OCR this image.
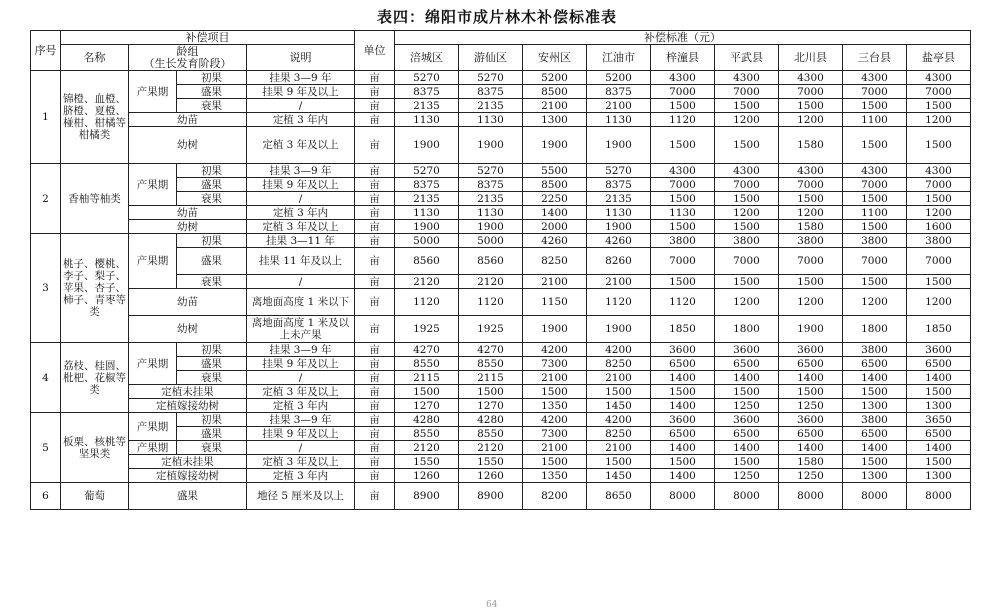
表四：绵阳市成片林木补偿标准表
序号	补偿项目				单位	补偿标准（元）								
	名称	龄组
（生长发育阶段）		说明		涪城区	游仙区	安州区	江油市	梓潼县	平武县	北川县	三台县	盐亭县
1	锦橙、血橙、脐橙、夏橙、椪柑、柑橘等柑橘类	产果期	初果	挂果 3—9 年	亩	5270	5270	5200	5200	4300	4300	4300	4300	4300
			盛果	挂果 9 年及以上	亩	8375	8375	8500	8375	7000	7000	7000	7000	7000
			衰果	/	亩	2135	2135	2100	2100	1500	1500	1500	1500	1500
		幼苗		定植 3 年内	亩	1130	1130	1300	1130	1120	1200	1200	1100	1200
		幼树		定植 3 年及以上	亩	1900	1900	1900	1900	1500	1500	1580	1500	1500
2	香柚等柚类	产果期	初果	挂果 3—9 年	亩	5270	5270	5500	5270	4300	4300	4300	4300	4300
			盛果	挂果 9 年及以上	亩	8375	8375	8500	8375	7000	7000	7000	7000	7000
			衰果	/	亩	2135	2135	2250	2135	1500	1500	1500	1500	1500
		幼苗		定植 3 年内	亩	1130	1130	1400	1130	1130	1200	1200	1100	1200
		幼树		定植 3 年及以上	亩	1900	1900	2000	1900	1500	1500	1580	1500	1600
3	桃子、樱桃、李子、梨子、苹果、杏子、柿子、青枣等类	产果期	初果	挂果 3—11 年	亩	5000	5000	4260	4260	3800	3800	3800	3800	3800
			盛果	挂果 11 年及以上	亩	8560	8560	8250	8260	7000	7000	7000	7000	7000
			衰果	/	亩	2120	2120	2100	2100	1500	1500	1500	1500	1500
		幼苗		离地面高度 1 米以下	亩	1120	1120	1150	1120	1120	1200	1200	1200	1200
		幼树		离地面高度 1 米及以上未产果	亩	1925	1925	1900	1900	1850	1800	1900	1800	1850
4	荔枝、桂圆、枇杷、花椒等类	产果期	初果	挂果 3—9 年	亩	4270	4270	4200	4200	3600	3600	3600	3800	3600
			盛果	挂果 9 年及以上	亩	8550	8550	7300	8250	6500	6500	6500	6500	6500
			衰果	/	亩	2115	2115	2100	2100	1400	1400	1400	1400	1400
		定植未挂果		定植 3 年及以上	亩	1500	1500	1500	1500	1500	1500	1500	1500	1500
		定植嫁接幼树		定植 3 年内	亩	1270	1270	1350	1450	1400	1250	1250	1300	1300
5	板栗、核桃等坚果类	产果期	初果	挂果 3—9 年	亩	4280	4280	4200	4200	3600	3600	3600	3800	3650
			盛果	挂果 9 年及以上	亩	8550	8550	7300	8250	6500	6500	6500	6500	6500
		产果期	衰果	/	亩	2120	2120	2100	2100	1400	1400	1400	1400	1400
		定植未挂果		定植 3 年及以上	亩	1550	1550	1500	1500	1500	1500	1580	1500	1500
		定植嫁接幼树		定植 3 年内	亩	1260	1260	1350	1450	1400	1250	1250	1300	1300
6	葡萄	盛果		地径 5 厘米及以上	亩	8900	8900	8200	8650	8000	8000	8000	8000	8000
64
